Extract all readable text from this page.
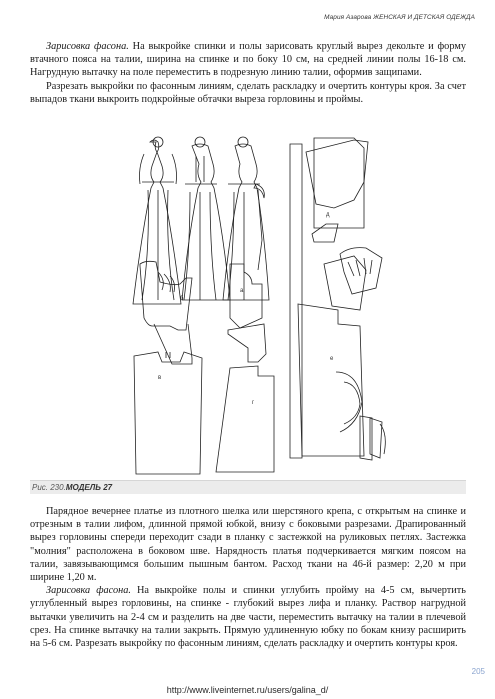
Мария Азарова ЖЕНСКАЯ И ДЕТСКАЯ ОДЕЖДА

Зарисовка фасона. На выкройке спинки и полы зарисовать круглый вырез декольте и форму втачного пояса на талии, ширина на спинке и по боку 10 см, на средней линии полы 16-18 см. Нагрудную вытачку на поле переместить в подрезную линию талии, оформив защипами.

Разрезать выкройки по фасонным линиям, сделать раскладку и очертить контуры кроя. За счет выпадов ткани выкроить подкройные обтачки выреза горловины и проймы.

б
в
а
г
д
е
Рис. 230.МОДЕЛЬ 27

Парядное вечернее платье из плотного шелка или шерстяного крепа, с открытым на спинке и отрезным в талии лифом, длинной прямой юбкой, внизу с боковыми разрезами. Драпированный вырез горловины спереди переходит сзади в планку с застежкой на руликовых петлях. Застежка "молния" расположена в боковом шве. Нарядность платья подчеркивается мягким поясом на талии, завязывающимся большим пышным бантом. Расход ткани на 46-й размер: 2,20 м при ширине 1,20 м.

Зарисовка фасона. На выкройке полы и спинки углубить пройму на 4-5 см, вычертить углубленный вырез горловины, на спинке - глубокий вырез лифа и планку. Раствор нагрудной вытачки увеличить на 2-4 см и разделить на две части, переместить вытачку на талии в плечевой срез. На спинке вытачку на талии закрыть. Прямую удлиненную юбку по бокам книзу расширить на 5-6 см. Разрезать выкройку по фасонным линиям, сделать раскладку и очертить контуры кроя.

205
http://www.liveinternet.ru/users/galina_d/
